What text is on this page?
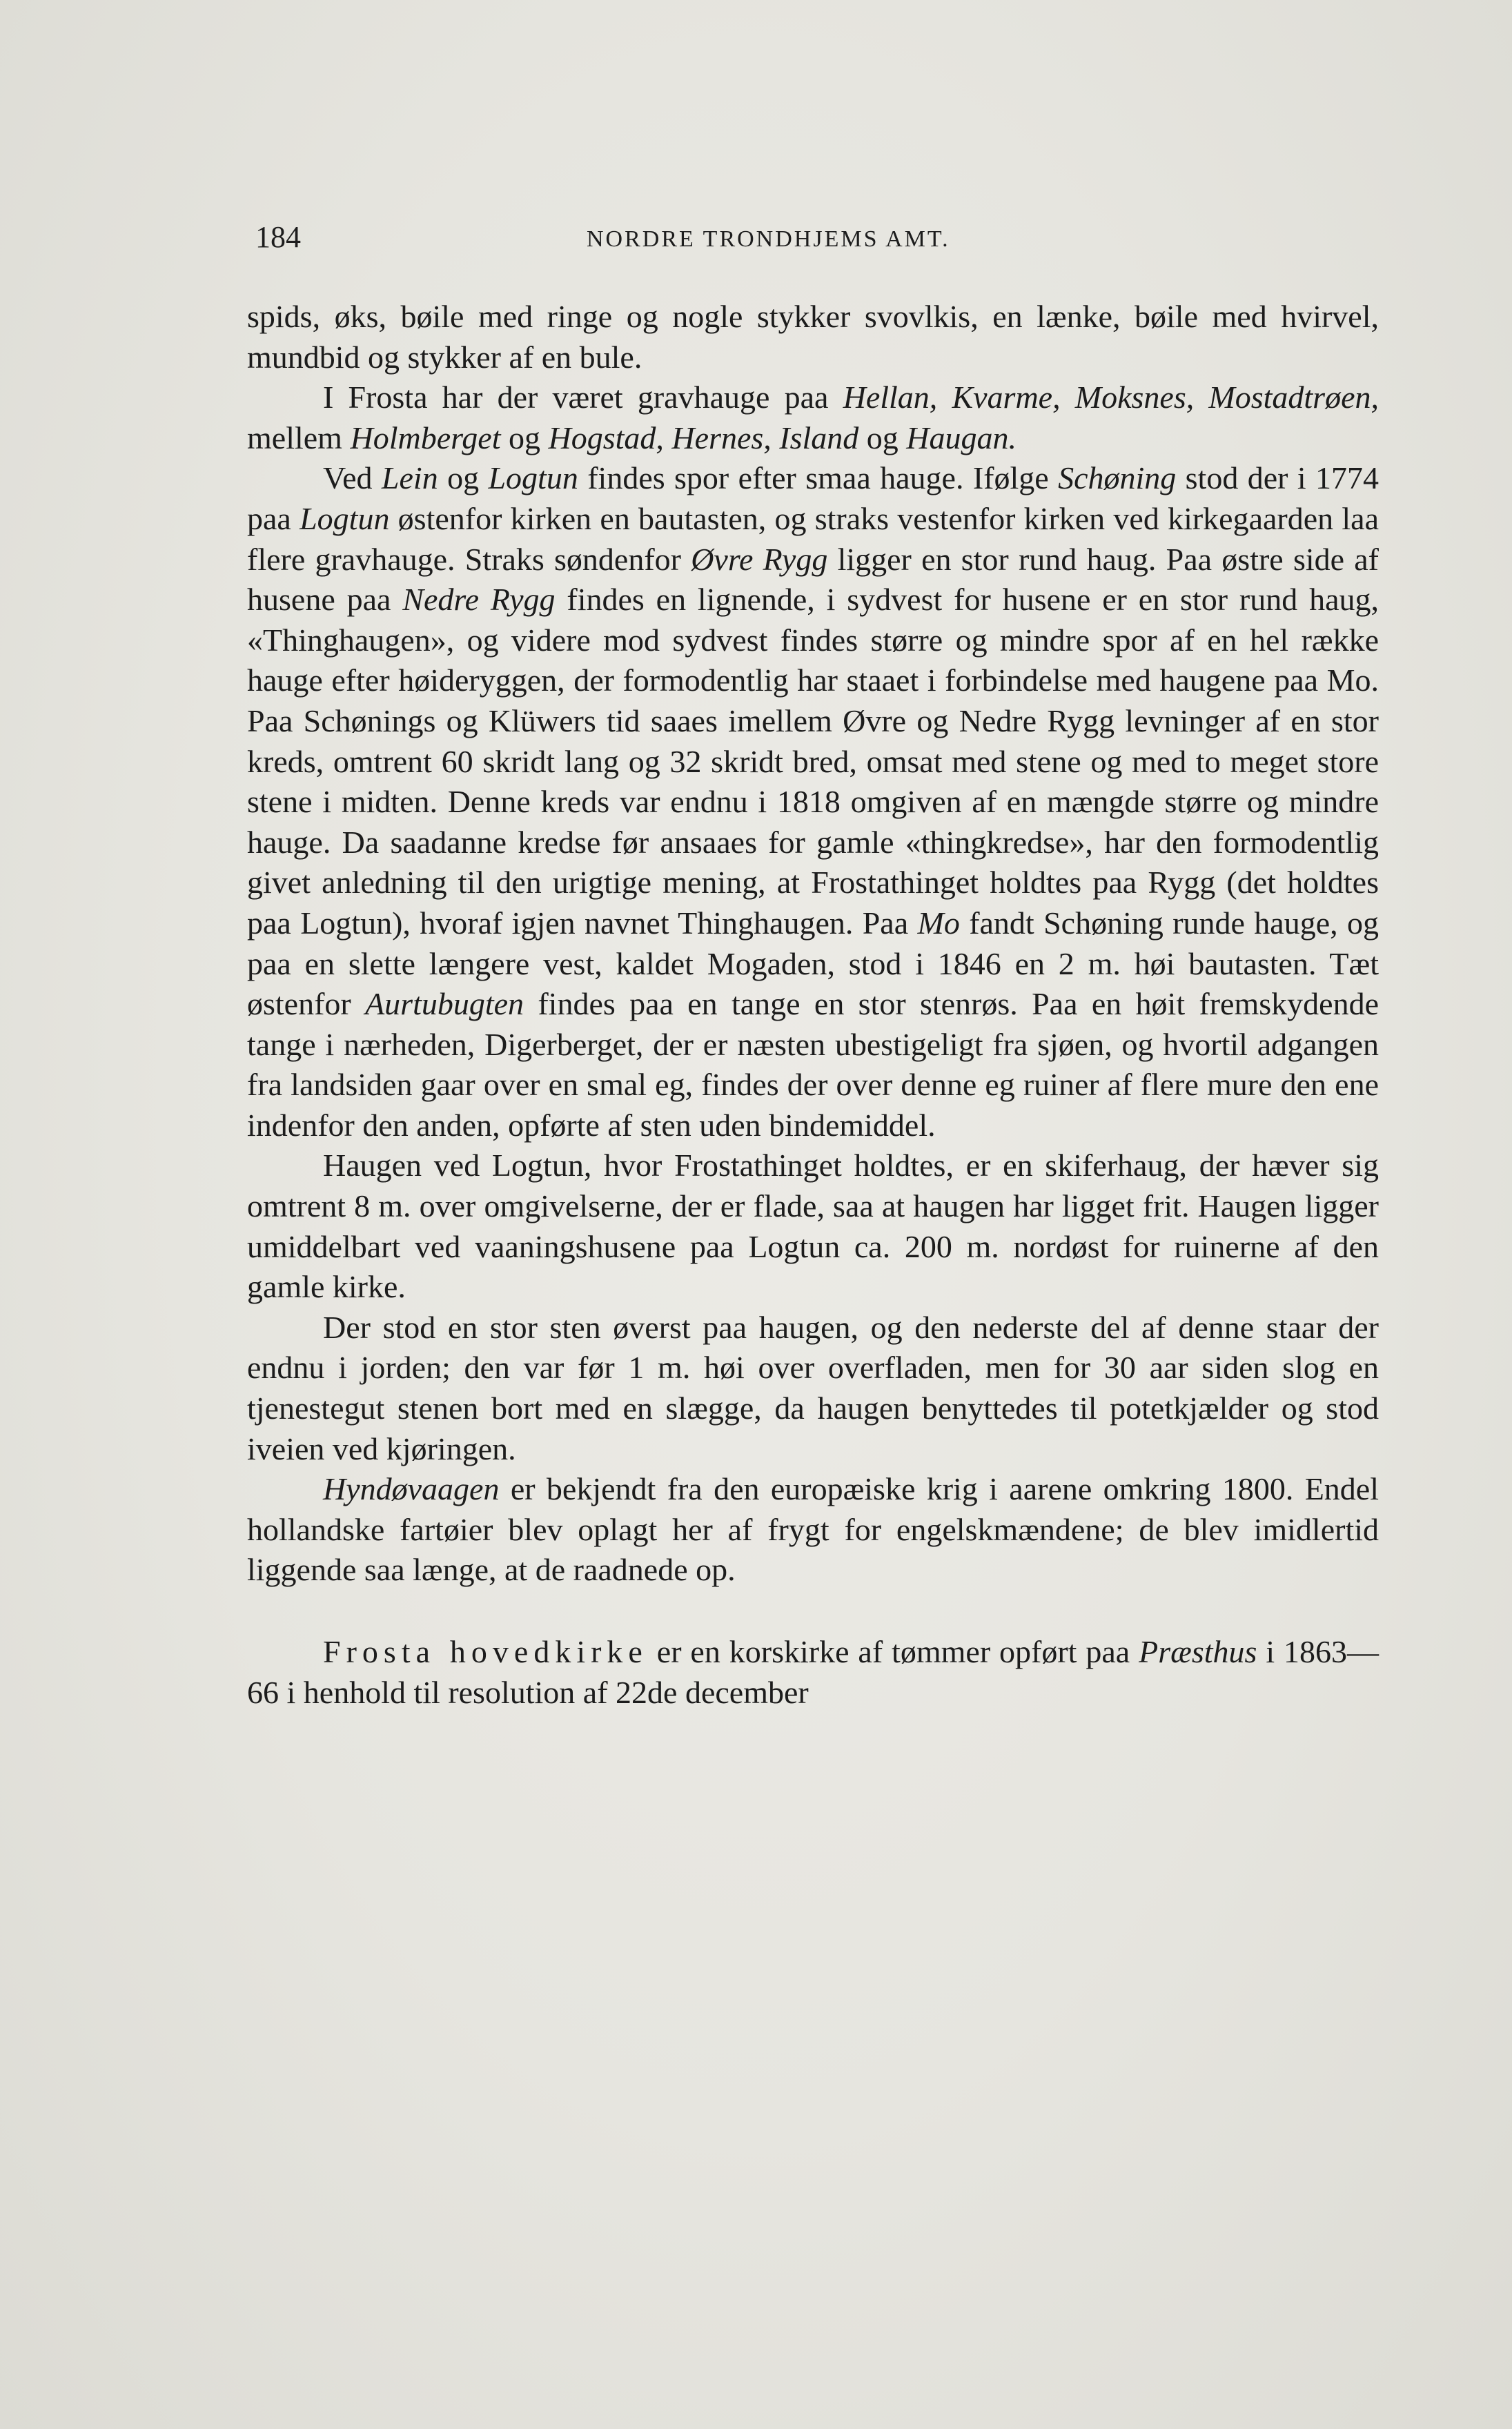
184	NORDRE TRONDHJEMS AMT.

spids, øks, bøile med ringe og nogle stykker svovlkis, en lænke, bøile med hvirvel, mundbid og stykker af en bule.

I Frosta har der været gravhauge paa Hellan, Kvarme, Moksnes, Mostadtrøen, mellem Holmberget og Hogstad, Hernes, Island og Haugan.

Ved Lein og Logtun findes spor efter smaa hauge. Ifølge Schøning stod der i 1774 paa Logtun østenfor kirken en bautasten, og straks vestenfor kirken ved kirkegaarden laa flere gravhauge. Straks søndenfor Øvre Rygg ligger en stor rund haug. Paa østre side af husene paa Nedre Rygg findes en lignende, i sydvest for husene er en stor rund haug, «Thinghaugen», og videre mod sydvest findes større og mindre spor af en hel række hauge efter høideryggen, der formodentlig har staaet i forbindelse med haugene paa Mo. Paa Schønings og Klüwers tid saaes imellem Øvre og Nedre Rygg levninger af en stor kreds, omtrent 60 skridt lang og 32 skridt bred, omsat med stene og med to meget store stene i midten. Denne kreds var endnu i 1818 omgiven af en mængde større og mindre hauge. Da saadanne kredse før ansaaes for gamle «thingkredse», har den formodentlig givet anledning til den urigtige mening, at Frostathinget holdtes paa Rygg (det holdtes paa Logtun), hvoraf igjen navnet Thinghaugen. Paa Mo fandt Schøning runde hauge, og paa en slette længere vest, kaldet Mogaden, stod i 1846 en 2 m. høi bautasten. Tæt østenfor Aurtubugten findes paa en tange en stor stenrøs. Paa en høit fremskydende tange i nærheden, Digerberget, der er næsten ubestigeligt fra sjøen, og hvortil adgangen fra landsiden gaar over en smal eg, findes der over denne eg ruiner af flere mure den ene indenfor den anden, opførte af sten uden bindemiddel.

Haugen ved Logtun, hvor Frostathinget holdtes, er en skiferhaug, der hæver sig omtrent 8 m. over omgivelserne, der er flade, saa at haugen har ligget frit. Haugen ligger umiddelbart ved vaaningshusene paa Logtun ca. 200 m. nordøst for ruinerne af den gamle kirke.

Der stod en stor sten øverst paa haugen, og den nederste del af denne staar der endnu i jorden; den var før 1 m. høi over overfladen, men for 30 aar siden slog en tjenestegut stenen bort med en slægge, da haugen benyttedes til potetkjælder og stod iveien ved kjøringen.

Hyndøvaagen er bekjendt fra den europæiske krig i aarene omkring 1800. Endel hollandske fartøier blev oplagt her af frygt for engelskmændene; de blev imidlertid liggende saa længe, at de raadnede op.

Frosta hovedkirke er en korskirke af tømmer opført paa Præsthus i 1863—66 i henhold til resolution af 22de december
